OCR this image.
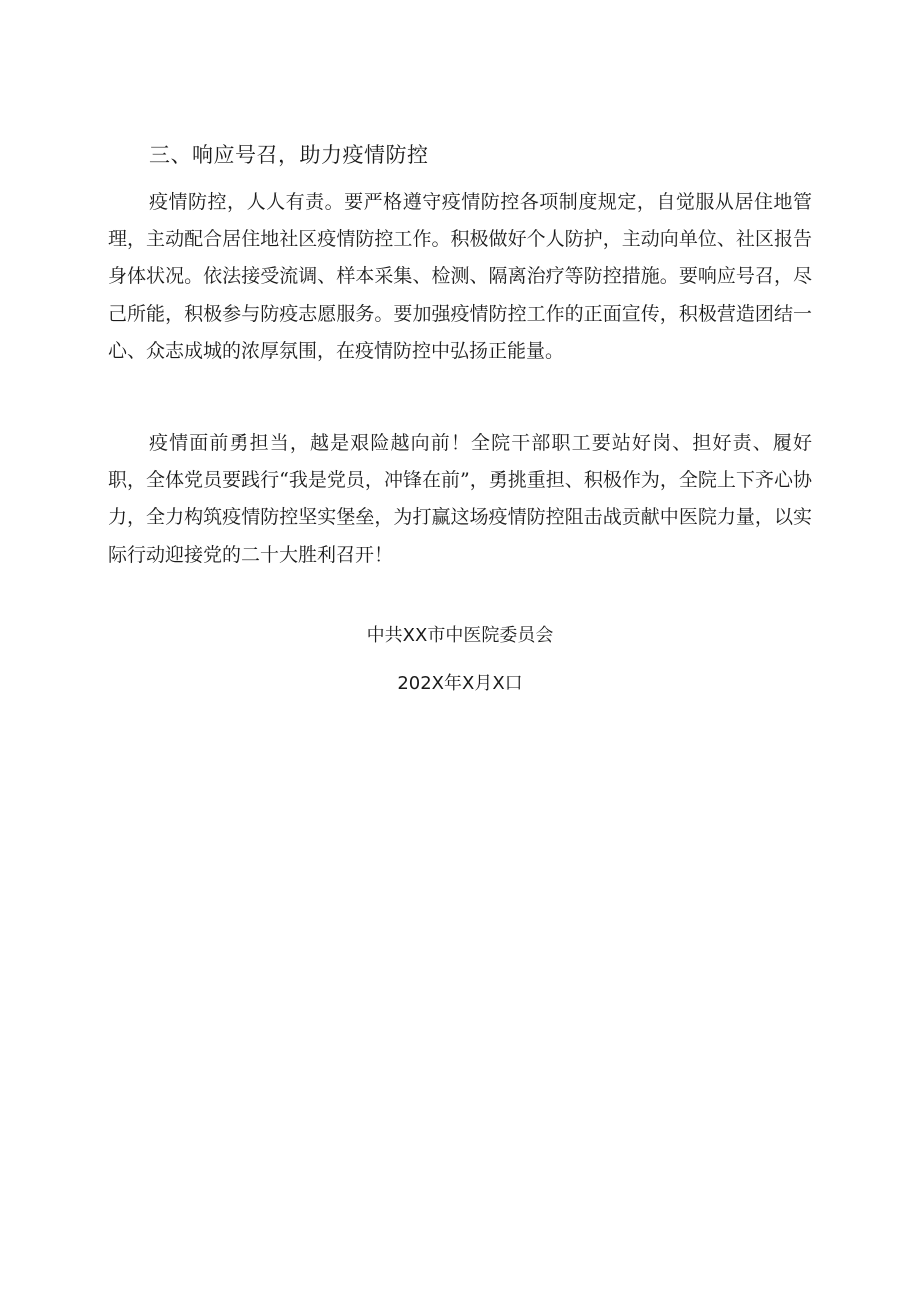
三、响应号召，助力疫情防控

疫情防控，人人有责。要严格遵守疫情防控各项制度规定，自觉服从居住地管理，主动配合居住地社区疫情防控工作。积极做好个人防护，主动向单位、社区报告身体状况。依法接受流调、样本采集、检测、隔离治疗等防控措施。要响应号召，尽己所能，积极参与防疫志愿服务。要加强疫情防控工作的正面宣传，积极营造团结一心、众志成城的浓厚氛围，在疫情防控中弘扬正能量。

疫情面前勇担当，越是艰险越向前！全院干部职工要站好岗、担好责、履好职，全体党员要践行“我是党员，冲锋在前”，勇挑重担、积极作为，全院上下齐心协力，全力构筑疫情防控坚实堡垒，为打赢这场疫情防控阻击战贡献中医院力量，以实际行动迎接党的二十大胜利召开！

中共XX市中医院委员会

202X年X月X口
